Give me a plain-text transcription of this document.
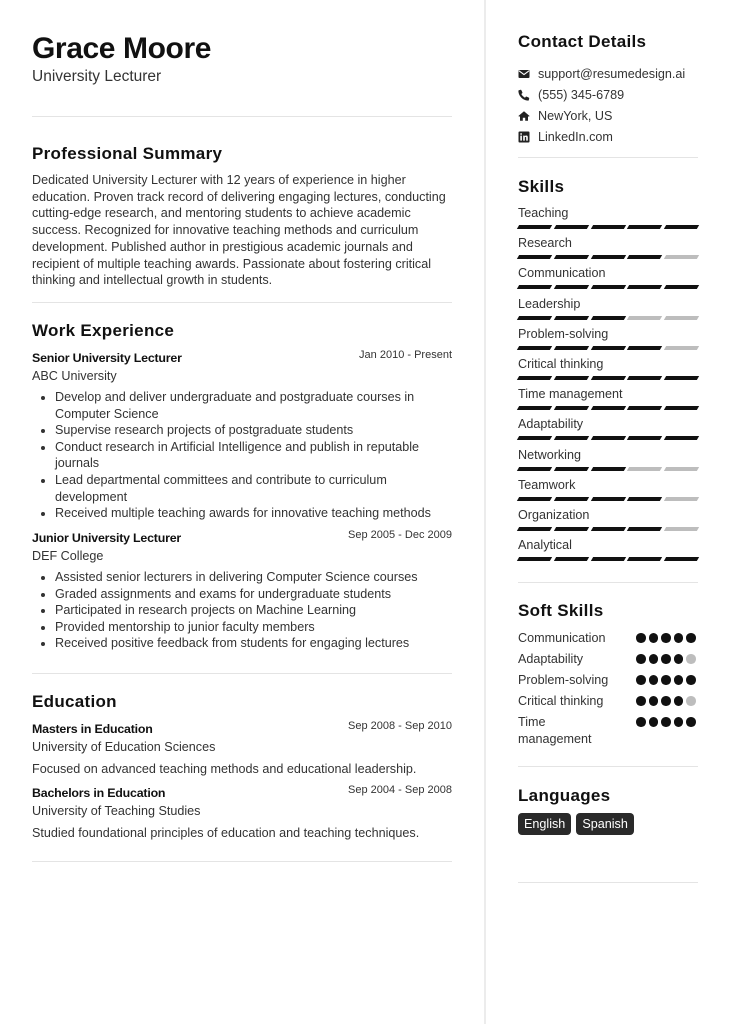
Grace Moore
University Lecturer
Professional Summary
Dedicated University Lecturer with 12 years of experience in higher education. Proven track record of delivering engaging lectures, conducting cutting-edge research, and mentoring students to achieve academic success. Recognized for innovative teaching methods and curriculum development. Published author in prestigious academic journals and recipient of multiple teaching awards. Passionate about fostering critical thinking and intellectual growth in students.
Work Experience
Senior University Lecturer	Jan 2010 - Present
ABC University
Develop and deliver undergraduate and postgraduate courses in Computer Science
Supervise research projects of postgraduate students
Conduct research in Artificial Intelligence and publish in reputable journals
Lead departmental committees and contribute to curriculum development
Received multiple teaching awards for innovative teaching methods
Junior University Lecturer	Sep 2005 - Dec 2009
DEF College
Assisted senior lecturers in delivering Computer Science courses
Graded assignments and exams for undergraduate students
Participated in research projects on Machine Learning
Provided mentorship to junior faculty members
Received positive feedback from students for engaging lectures
Education
Masters in Education	Sep 2008 - Sep 2010
University of Education Sciences
Focused on advanced teaching methods and educational leadership.
Bachelors in Education	Sep 2004 - Sep 2008
University of Teaching Studies
Studied foundational principles of education and teaching techniques.
Contact Details
support@resumedesign.ai
(555) 345-6789
NewYork, US
LinkedIn.com
Skills
Teaching
Research
Communication
Leadership
Problem-solving
Critical thinking
Time management
Adaptability
Networking
Teamwork
Organization
Analytical
Soft Skills
Communication
Adaptability
Problem-solving
Critical thinking
Time management
Languages
English	Spanish
